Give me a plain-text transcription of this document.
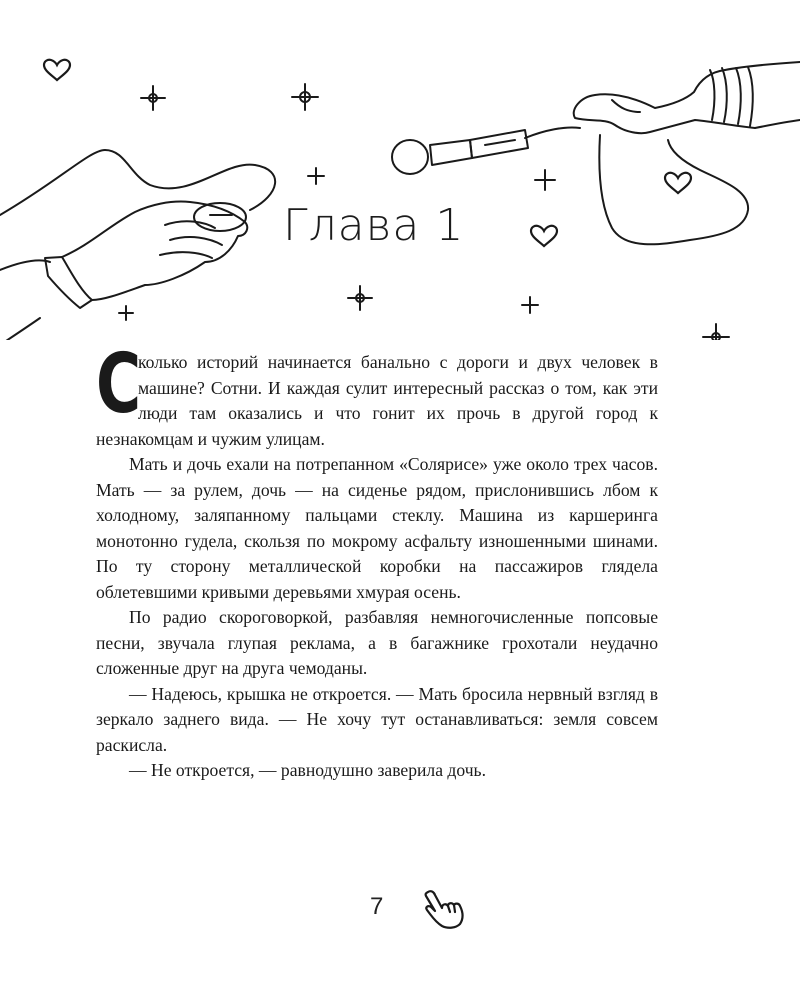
Глава 1

С
колько историй начинается банально с дороги и двух человек в машине? Сотни. И каждая сулит интересный рассказ о том, как эти люди там оказались и что гонит их прочь в другой город к незнакомцам и чужим улицам.

Мать и дочь ехали на потрепанном «Солярисе» уже около трех часов. Мать — за рулем, дочь — на сиденье рядом, прислонившись лбом к холодному, заляпанному пальцами стеклу. Машина из каршеринга монотонно гудела, скользя по мокрому асфальту изношенными шинами. По ту сторону металлической коробки на пассажиров глядела облетевшими кривыми деревьями хмурая осень.

По радио скороговоркой, разбавляя немногочисленные попсовые песни, звучала глупая реклама, а в багажнике грохотали неудачно сложенные друг на друга чемоданы.

— Надеюсь, крышка не откроется. — Мать бросила нервный взгляд в зеркало заднего вида. — Не хочу тут останавливаться: земля совсем раскисла.

— Не откроется, — равнодушно заверила дочь.

7
